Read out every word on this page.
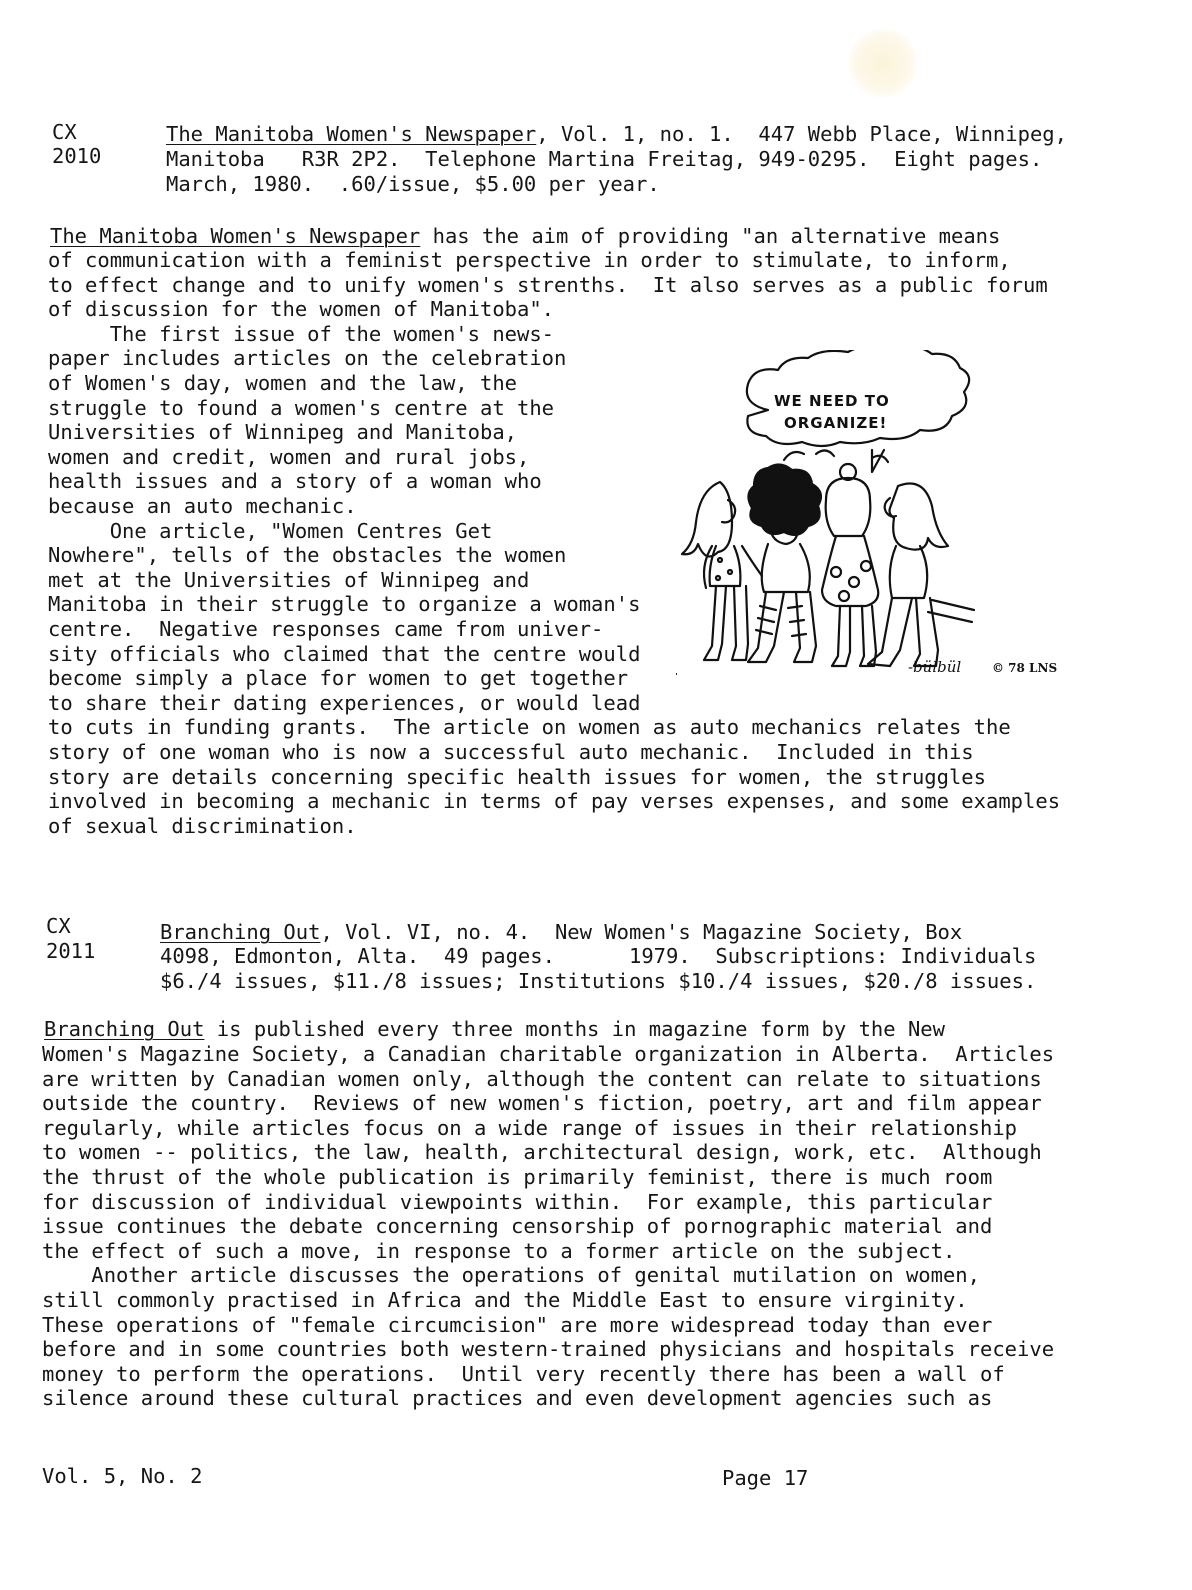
CX
2010
The Manitoba Women's Newspaper, Vol. 1, no. 1.  447 Webb Place, Winnipeg,
Manitoba   R3R 2P2.  Telephone Martina Freitag, 949-0295.  Eight pages.
March, 1980.  .60/issue, $5.00 per year.
The Manitoba Women's Newspaper has the aim of providing "an alternative means
of communication with a feminist perspective in order to stimulate, to inform,
to effect change and to unify women's strenths.  It also serves as a public forum
of discussion for the women of Manitoba".
The first issue of the women's news-
paper includes articles on the celebration
of Women's day, women and the law, the
struggle to found a women's centre at the
Universities of Winnipeg and Manitoba,
women and credit, women and rural jobs,
health issues and a story of a woman who
because an auto mechanic.
One article, "Women Centres Get
Nowhere", tells of the obstacles the women
met at the Universities of Winnipeg and
Manitoba in their struggle to organize a woman's
centre.  Negative responses came from univer-
sity officials who claimed that the centre would
become simply a place for women to get together
to share their dating experiences, or would lead
to cuts in funding grants.  The article on women as auto mechanics relates the
story of one woman who is now a successful auto mechanic.  Included in this
story are details concerning specific health issues for women, the struggles
involved in becoming a mechanic in terms of pay verses expenses, and some examples
of sexual discrimination.
WE NEED TO
ORGANIZE!
-bülbül	© 78 LNS
CX
2011
Branching Out, Vol. VI, no. 4.  New Women's Magazine Society, Box
4098, Edmonton, Alta.  49 pages.      1979.  Subscriptions: Individuals
$6./4 issues, $11./8 issues; Institutions $10./4 issues, $20./8 issues.
Branching Out is published every three months in magazine form by the New
Women's Magazine Society, a Canadian charitable organization in Alberta.  Articles
are written by Canadian women only, although the content can relate to situations
outside the country.  Reviews of new women's fiction, poetry, art and film appear
regularly, while articles focus on a wide range of issues in their relationship
to women -- politics, the law, health, architectural design, work, etc.  Although
the thrust of the whole publication is primarily feminist, there is much room
for discussion of individual viewpoints within.  For example, this particular
issue continues the debate concerning censorship of pornographic material and
the effect of such a move, in response to a former article on the subject.
Another article discusses the operations of genital mutilation on women,
still commonly practised in Africa and the Middle East to ensure virginity.
These operations of "female circumcision" are more widespread today than ever
before and in some countries both western-trained physicians and hospitals receive
money to perform the operations.  Until very recently there has been a wall of
silence around these cultural practices and even development agencies such as
Vol. 5, No. 2	Page 17
